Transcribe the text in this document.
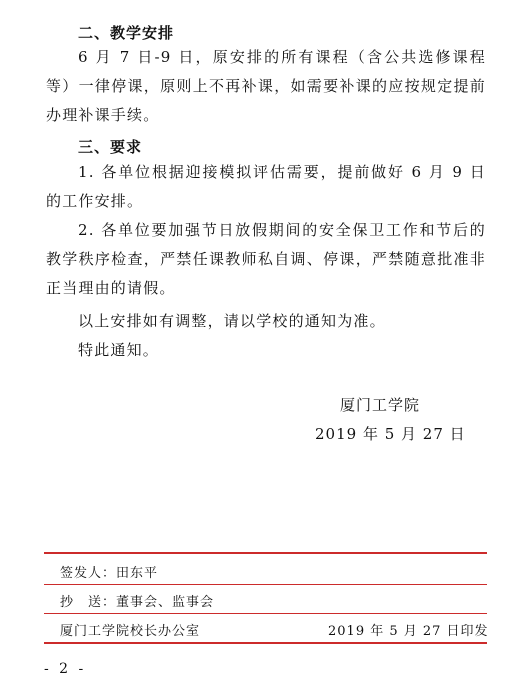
二、教学安排
6 月 7 日-9 日，原安排的所有课程（含公共选修课程等）一律停课，原则上不再补课，如需要补课的应按规定提前办理补课手续。
三、要求
1. 各单位根据迎接模拟评估需要，提前做好 6 月 9 日的工作安排。
2. 各单位要加强节日放假期间的安全保卫工作和节后的教学秩序检查，严禁任课教师私自调、停课，严禁随意批准非正当理由的请假。
以上安排如有调整，请以学校的通知为准。
特此通知。
厦门工学院
2019 年 5 月 27 日
签发人：田东平
抄　送：董事会、监事会
厦门工学院校长办公室	2019 年 5 月 27 日印发
- 2 -
